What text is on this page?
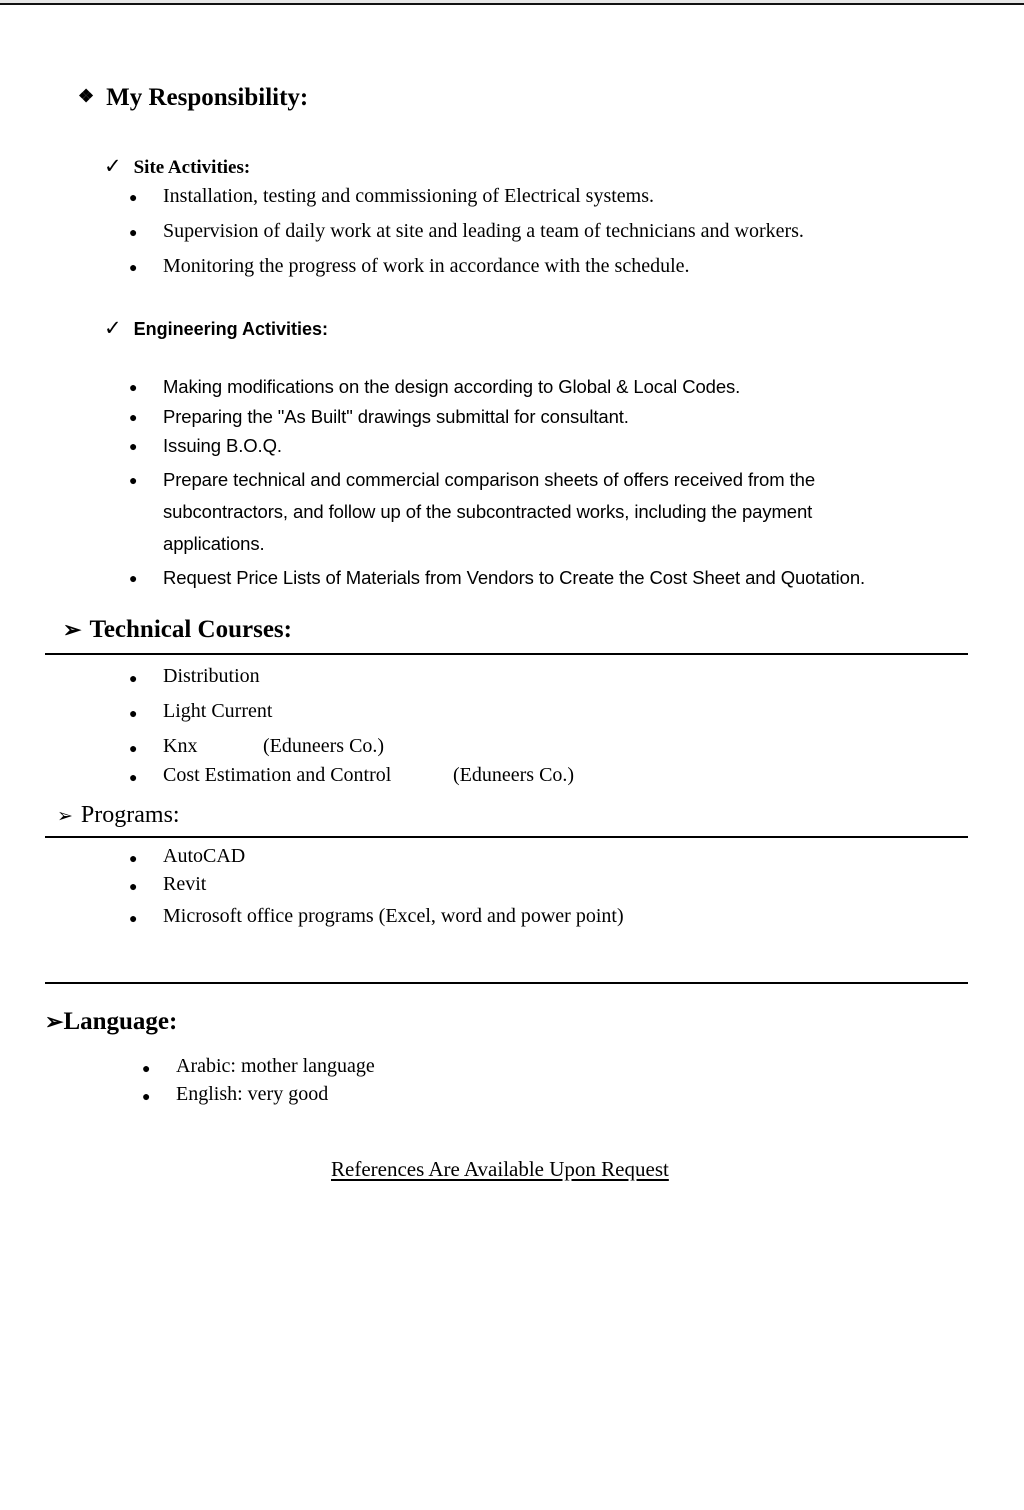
❖ My Responsibility:
✓ Site Activities:
● Installation, testing and commissioning of Electrical systems.
● Supervision of daily work at site and leading a team of technicians and workers.
● Monitoring the progress of work in accordance with the schedule.
✓ Engineering Activities:
● Making modifications on the design according to Global & Local Codes.
● Preparing the "As Built" drawings submittal for consultant.
● Issuing B.O.Q.
● Prepare technical and commercial comparison sheets of offers received from the
subcontractors, and follow up of the subcontracted works, including the payment
applications.
● Request Price Lists of Materials from Vendors to Create the Cost Sheet and Quotation.
➢ Technical Courses:
● Distribution
● Light Current
● Knx	(Eduneers Co.)
● Cost Estimation and Control	(Eduneers Co.)
➢ Programs:
● AutoCAD
● Revit
● Microsoft office programs (Excel, word and power point)
➢Language:
● Arabic: mother language
● English: very good
References Are Available Upon Request
